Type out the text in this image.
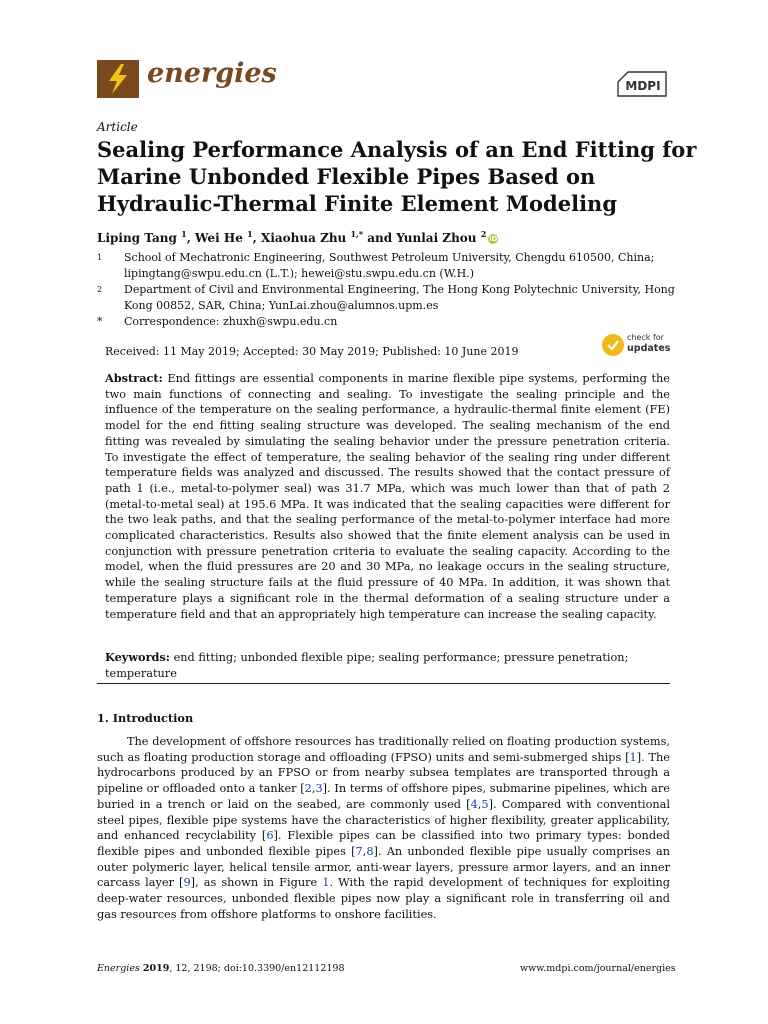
energies	MDPI
Article
Sealing Performance Analysis of an End Fitting for Marine Unbonded Flexible Pipes Based on Hydraulic-Thermal Finite Element Modeling
Liping Tang $^1$, Wei He $^1$, Xiaohua Zhu $^{1,*}$ and Yunlai Zhou $^2$ iD
1	School of Mechatronic Engineering, Southwest Petroleum University, Chengdu 610500, China; lipingtang@swpu.edu.cn (L.T.); hewei@stu.swpu.edu.cn (W.H.)
2	Department of Civil and Environmental Engineering, The Hong Kong Polytechnic University, Hong Kong 00852, SAR, China; YunLai.zhou@alumnos.upm.es
*	Correspondence: zhuxh@swpu.edu.cn
Received: 11 May 2019; Accepted: 30 May 2019; Published: 10 June 2019
check for
updates
Abstract: End fittings are essential components in marine flexible pipe systems, performing the two main functions of connecting and sealing. To investigate the sealing principle and the influence of the temperature on the sealing performance, a hydraulic-thermal finite element (FE) model for the end fitting sealing structure was developed. The sealing mechanism of the end fitting was revealed by simulating the sealing behavior under the pressure penetration criteria. To investigate the effect of temperature, the sealing behavior of the sealing ring under different temperature fields was analyzed and discussed. The results showed that the contact pressure of path 1 (i.e., metal-to-polymer seal) was 31.7 MPa, which was much lower than that of path 2 (metal-to-metal seal) at 195.6 MPa. It was indicated that the sealing capacities were different for the two leak paths, and that the sealing performance of the metal-to-polymer interface had more complicated characteristics. Results also showed that the finite element analysis can be used in conjunction with pressure penetration criteria to evaluate the sealing capacity. According to the model, when the fluid pressures are 20 and 30 MPa, no leakage occurs in the sealing structure, while the sealing structure fails at the fluid pressure of 40 MPa. In addition, it was shown that temperature plays a significant role in the thermal deformation of a sealing structure under a temperature field and that an appropriately high temperature can increase the sealing capacity.
Keywords: end fitting; unbonded flexible pipe; sealing performance; pressure penetration; temperature
1. Introduction
The development of offshore resources has traditionally relied on floating production systems, such as floating production storage and offloading (FPSO) units and semi-submerged ships [1]. The hydrocarbons produced by an FPSO or from nearby subsea templates are transported through a pipeline or offloaded onto a tanker [2,3]. In terms of offshore pipes, submarine pipelines, which are buried in a trench or laid on the seabed, are commonly used [4,5]. Compared with conventional steel pipes, flexible pipe systems have the characteristics of higher flexibility, greater applicability, and enhanced recyclability [6]. Flexible pipes can be classified into two primary types: bonded flexible pipes and unbonded flexible pipes [7,8]. An unbonded flexible pipe usually comprises an outer polymeric layer, helical tensile armor, anti-wear layers, pressure armor layers, and an inner carcass layer [9], as shown in Figure 1. With the rapid development of techniques for exploiting deep-water resources, unbonded flexible pipes now play a significant role in transferring oil and gas resources from offshore platforms to onshore facilities.
Energies 2019, 12, 2198; doi:10.3390/en12112198	www.mdpi.com/journal/energies
